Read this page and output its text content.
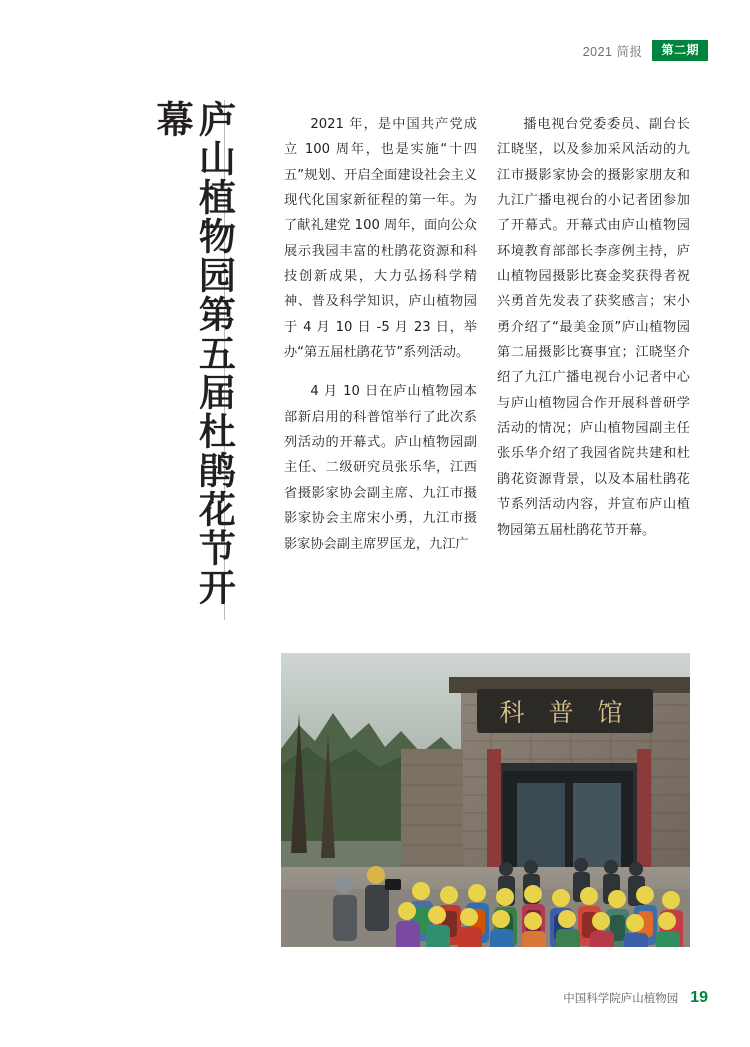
2021 简报	第二期
庐山植物园第五届杜鹃花节开幕	2021 年，是中国共产党成立 100 周年，也是实施“十四五”规划、开启全面建设社会主义现代化国家新征程的第一年。为了献礼建党 100 周年，面向公众展示我园丰富的杜鹃花资源和科技创新成果，大力弘扬科学精神、普及科学知识，庐山植物园于 4 月 10 日 -5 月 23 日，举办“第五届杜鹃花节”系列活动。

4 月 10 日在庐山植物园本部新启用的科普馆举行了此次系列活动的开幕式。庐山植物园副主任、二级研究员张乐华，江西省摄影家协会副主席、九江市摄影家协会主席宋小勇，九江市摄影家协会副主席罗匡龙，九江广

播电视台党委委员、副台长江晓坚，以及参加采风活动的九江市摄影家协会的摄影家朋友和九江广播电视台的小记者团参加了开幕式。开幕式由庐山植物园环境教育部部长李彦例主持，庐山植物园摄影比赛金奖获得者祝兴勇首先发表了获奖感言；宋小勇介绍了“最美金顶”庐山植物园第二届摄影比赛事宜；江晓坚介绍了九江广播电视台小记者中心与庐山植物园合作开展科普研学活动的情况；庐山植物园副主任张乐华介绍了我园省院共建和杜鹃花资源背景，以及本届杜鹃花节系列活动内容，并宣布庐山植物园第五届杜鹃花节开幕。

科 普 馆
中国科学院庐山植物园 19
